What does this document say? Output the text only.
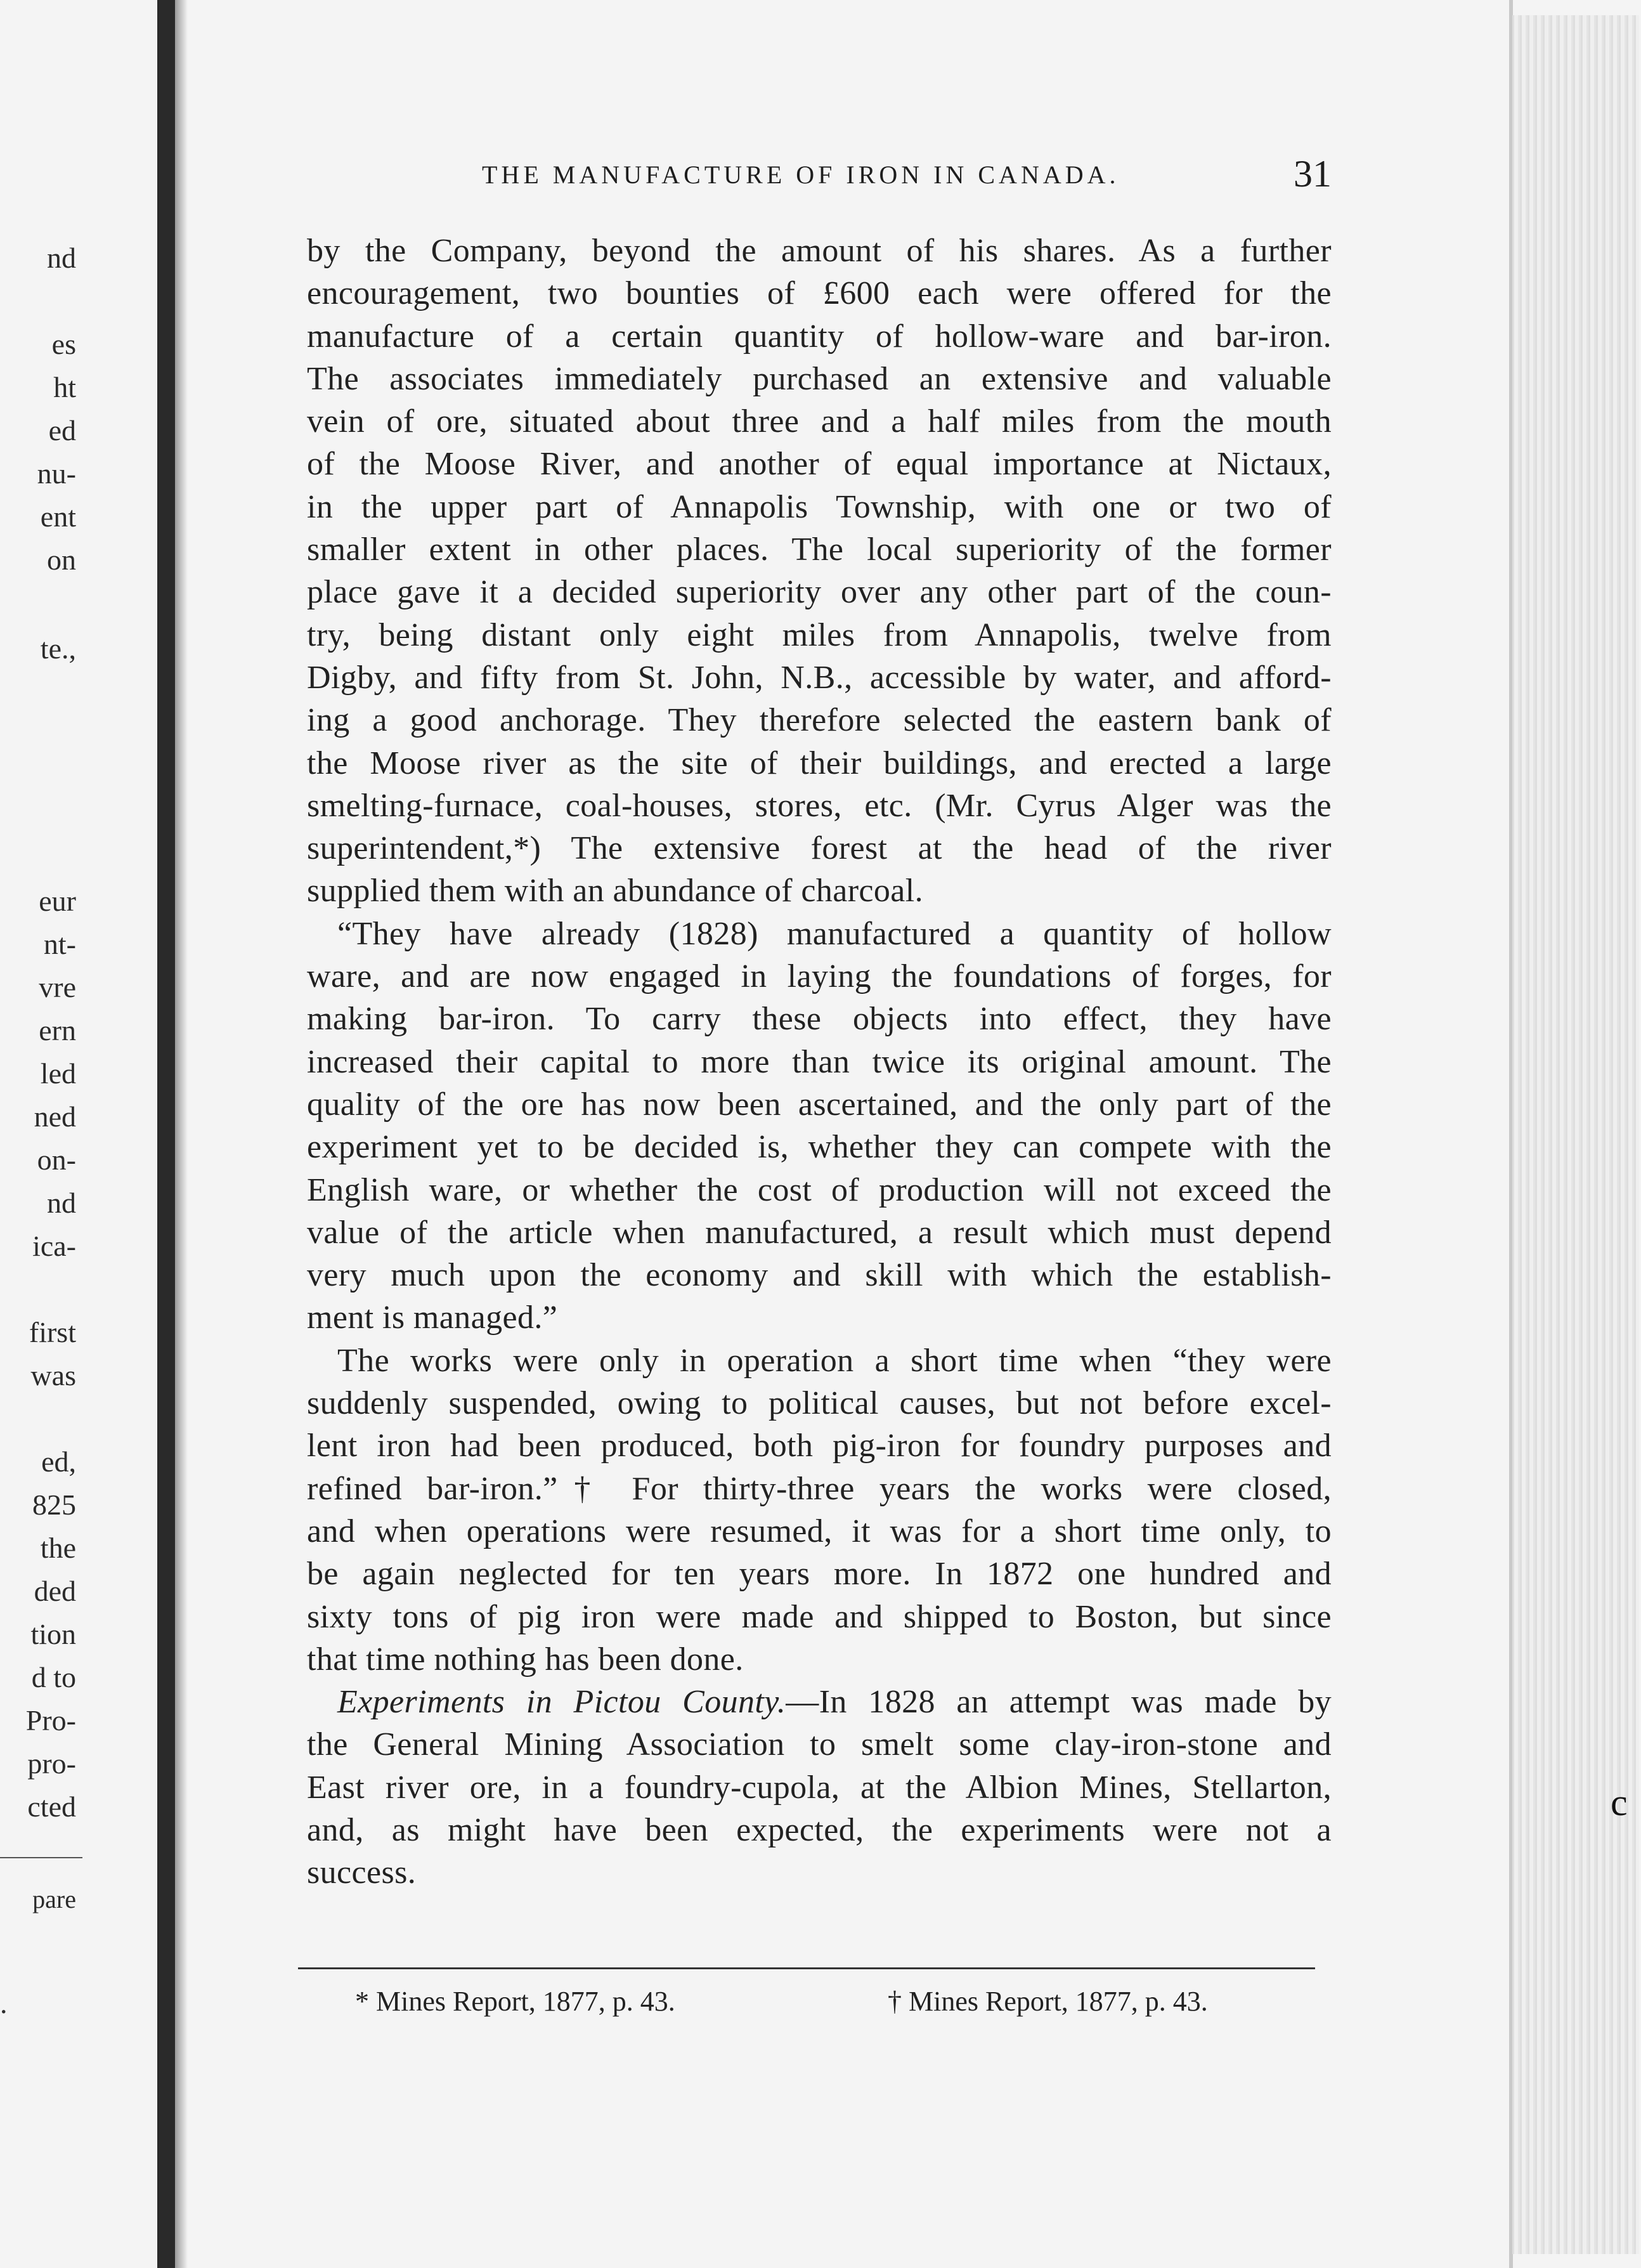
nd
es
ht
ed
nu-
ent
on
te.,
eur
nt-
vre
ern
led
ned
on-
nd
ica-
first
was
ed,
825
the
ded
tion
d to
Pro-
pro-
cted
pare
.
THE MANUFACTURE OF IRON IN CANADA.	31
by the Company, beyond the amount of his shares. As a further
encouragement, two bounties of £600 each were offered for the
manufacture of a certain quantity of hollow-ware and bar-iron.
The associates immediately purchased an extensive and valuable
vein of ore, situated about three and a half miles from the mouth
of the Moose River, and another of equal importance at Nictaux,
in the upper part of Annapolis Township, with one or two of
smaller extent in other places. The local superiority of the former
place gave it a decided superiority over any other part of the coun-
try, being distant only eight miles from Annapolis, twelve from
Digby, and fifty from St. John, N.B., accessible by water, and afford-
ing a good anchorage. They therefore selected the eastern bank of
the Moose river as the site of their buildings, and erected a large
smelting-furnace, coal-houses, stores, etc. (Mr. Cyrus Alger was the
superintendent,*) The extensive forest at the head of the river
supplied them with an abundance of charcoal.
“They have already (1828) manufactured a quantity of hollow
ware, and are now engaged in laying the foundations of forges, for
making bar-iron. To carry these objects into effect, they have
increased their capital to more than twice its original amount. The
quality of the ore has now been ascertained, and the only part of the
experiment yet to be decided is, whether they can compete with the
English ware, or whether the cost of production will not exceed the
value of the article when manufactured, a result which must depend
very much upon the economy and skill with which the establish-
ment is managed.”
The works were only in operation a short time when “they were
suddenly suspended, owing to political causes, but not before excel-
lent iron had been produced, both pig-iron for foundry purposes and
refined bar-iron.”† For thirty-three years the works were closed,
and when operations were resumed, it was for a short time only, to
be again neglected for ten years more. In 1872 one hundred and
sixty tons of pig iron were made and shipped to Boston, but since
that time nothing has been done.
Experiments in Pictou County.—In 1828 an attempt was made by
the General Mining Association to smelt some clay-iron-stone and
East river ore, in a foundry-cupola, at the Albion Mines, Stellarton,
and, as might have been expected, the experiments were not a
success.
* Mines Report, 1877, p. 43.	† Mines Report, 1877, p. 43.
c
